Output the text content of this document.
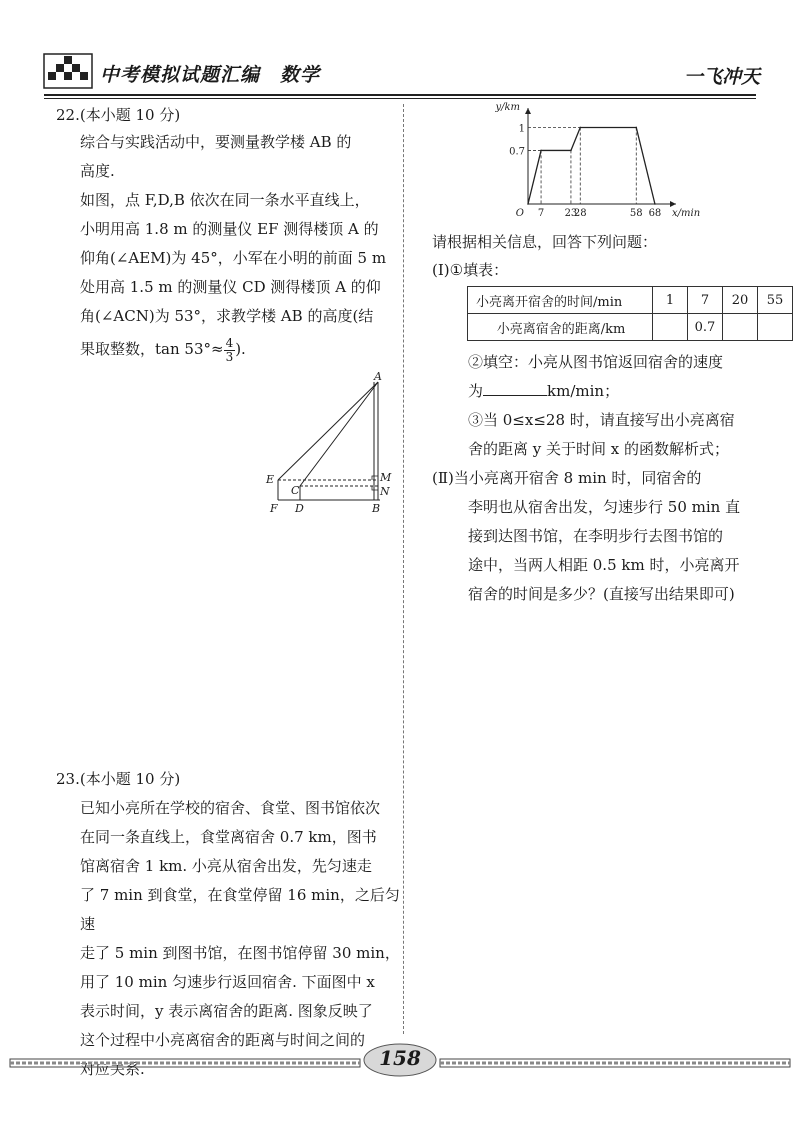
中考模拟试题汇编　数学	一飞冲天
22.(本小题 10 分)
综合与实践活动中，要测量教学楼 AB 的
高度.
如图，点 F,D,B 依次在同一条水平直线上，
小明用高 1.8 m 的测量仪 EF 测得楼顶 A 的
仰角(∠AEM)为 45°，小军在小明的前面 5 m
处用高 1.5 m 的测量仪 CD 测得楼顶 A 的仰
角(∠ACN)为 53°，求教学楼 AB 的高度(结
果取整数，$\tan 53^\circ\approx \frac{4}{3}$ ).
A
E
C
M
N
F D	B
23.(本小题 10 分)
已知小亮所在学校的宿舍、食堂、图书馆依次
在同一条直线上，食堂离宿舍 0.7 km，图书
馆离宿舍 1 km. 小亮从宿舍出发，先匀速走
了 7 min 到食堂，在食堂停留 16 min，之后匀速
走了 5 min 到图书馆，在图书馆停留 30 min，
用了 10 min 匀速步行返回宿舍. 下面图中 x
表示时间，y 表示离宿舍的距离. 图象反映了
这个过程中小亮离宿舍的距离与时间之间的
对应关系.
y/km
x/min
O
0.7
1
7 23
28	58 68
请根据相关信息，回答下列问题：
(Ⅰ)①填表：
小亮离开宿舍的时间/min	1	7	20	55
小亮离宿舍的距离/km		0.7		
②填空：小亮从图书馆返回宿舍的速度
为	km/min；
③当 0≤x≤28 时，请直接写出小亮离宿
舍的距离 y 关于时间 x 的函数解析式；
(Ⅱ)当小亮离开宿舍 8 min 时，同宿舍的
李明也从宿舍出发，匀速步行 50 min 直
接到达图书馆，在李明步行去图书馆的
途中，当两人相距 0.5 km 时，小亮离开
宿舍的时间是多少？(直接写出结果即可)
158
